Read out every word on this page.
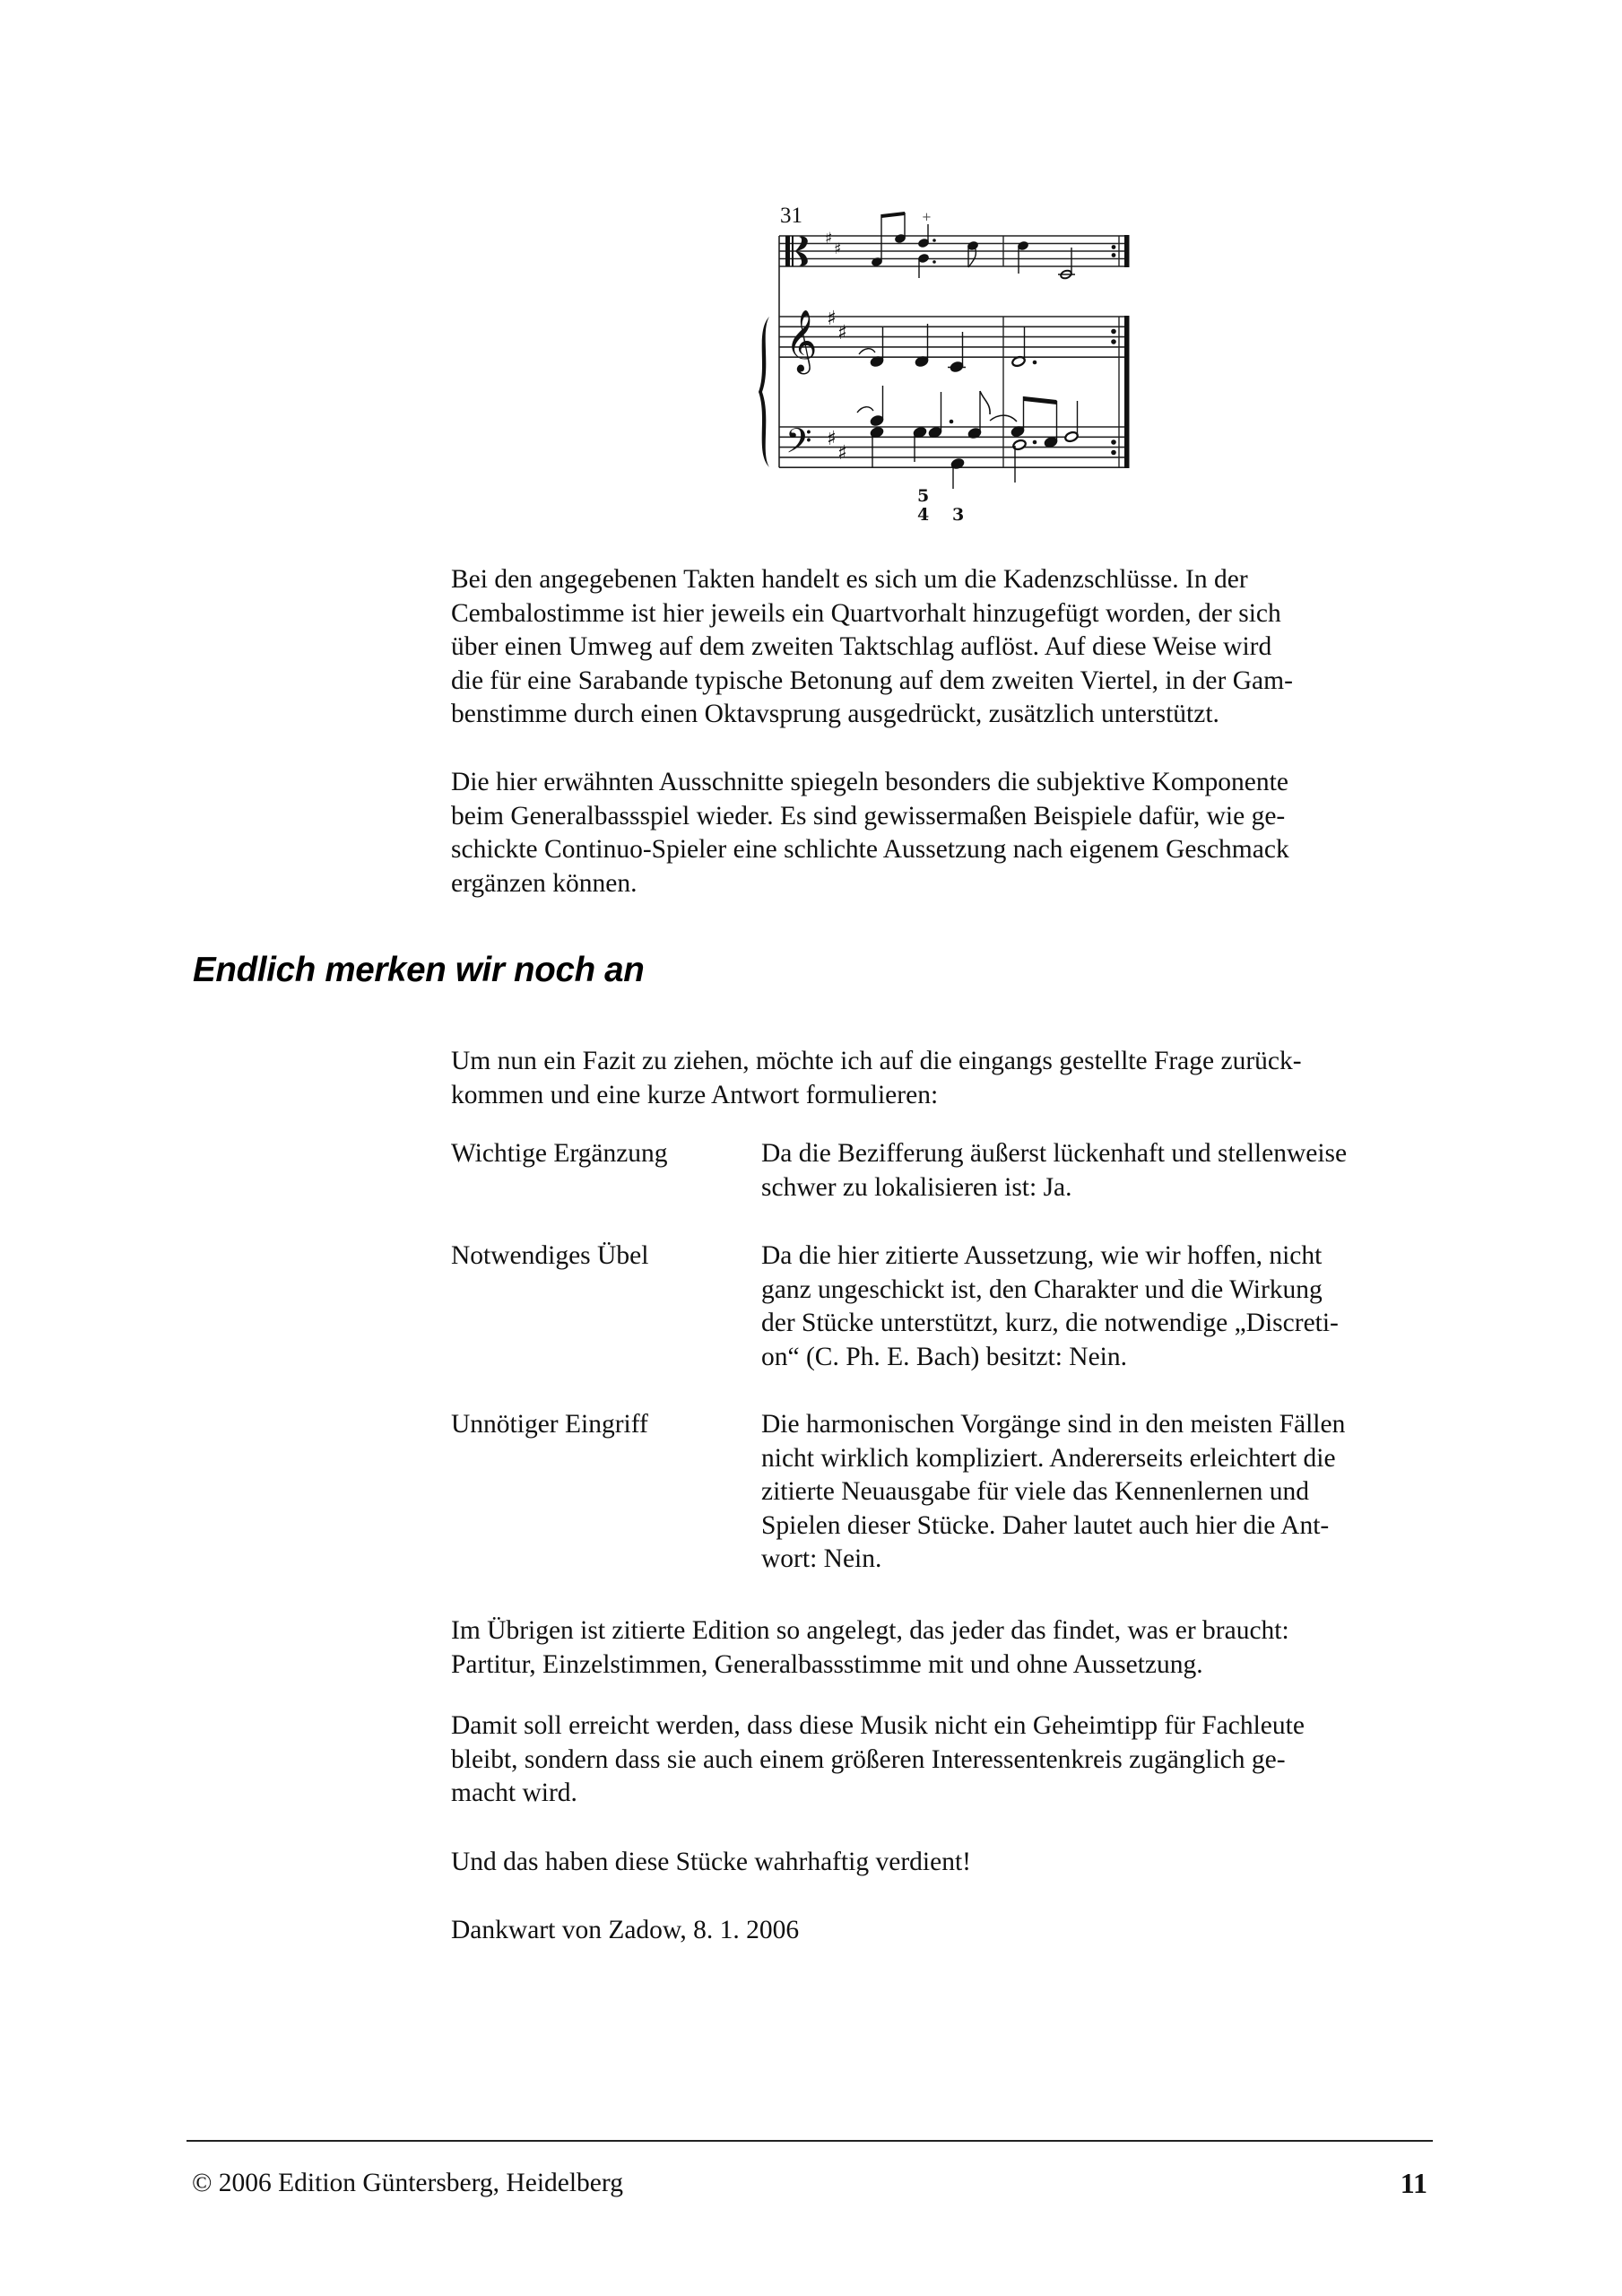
31
♯
♯
𝄞 ♯
♯
𝄢 ♯
♯
+
5
4 3
Bei den angegebenen Takten handelt es sich um die Kadenzschlüsse. In der
Cembalostimme ist hier jeweils ein Quartvorhalt hinzugefügt worden, der sich
über einen Umweg auf dem zweiten Taktschlag auflöst. Auf diese Weise wird
die für eine Sarabande typische Betonung auf dem zweiten Viertel, in der Gam-
benstimme durch einen Oktavsprung ausgedrückt, zusätzlich unterstützt.
Die hier erwähnten Ausschnitte spiegeln besonders die subjektive Komponente
beim Generalbassspiel wieder. Es sind gewissermaßen Beispiele dafür, wie ge-
schickte Continuo-Spieler eine schlichte Aussetzung nach eigenem Geschmack
ergänzen können.
Endlich merken wir noch an
Um nun ein Fazit zu ziehen, möchte ich auf die eingangs gestellte Frage zurück-
kommen und eine kurze Antwort formulieren:
Wichtige Ergänzung	Da die Bezifferung äußerst lückenhaft und stellenweise
schwer zu lokalisieren ist: Ja.
Notwendiges Übel	Da die hier zitierte Aussetzung, wie wir hoffen, nicht
ganz ungeschickt ist, den Charakter und die Wirkung
der Stücke unterstützt, kurz, die notwendige „Discreti-
on“ (C. Ph. E. Bach) besitzt: Nein.
Unnötiger Eingriff	Die harmonischen Vorgänge sind in den meisten Fällen
nicht wirklich kompliziert. Andererseits erleichtert die
zitierte Neuausgabe für viele das Kennenlernen und
Spielen dieser Stücke. Daher lautet auch hier die Ant-
wort: Nein.
Im Übrigen ist zitierte Edition so angelegt, das jeder das findet, was er braucht:
Partitur, Einzelstimmen, Generalbassstimme mit und ohne Aussetzung.
Damit soll erreicht werden, dass diese Musik nicht ein Geheimtipp für Fachleute
bleibt, sondern dass sie auch einem größeren Interessentenkreis zugänglich ge-
macht wird.
Und das haben diese Stücke wahrhaftig verdient!
Dankwart von Zadow, 8. 1. 2006
© 2006 Edition Güntersberg, Heidelberg	11
